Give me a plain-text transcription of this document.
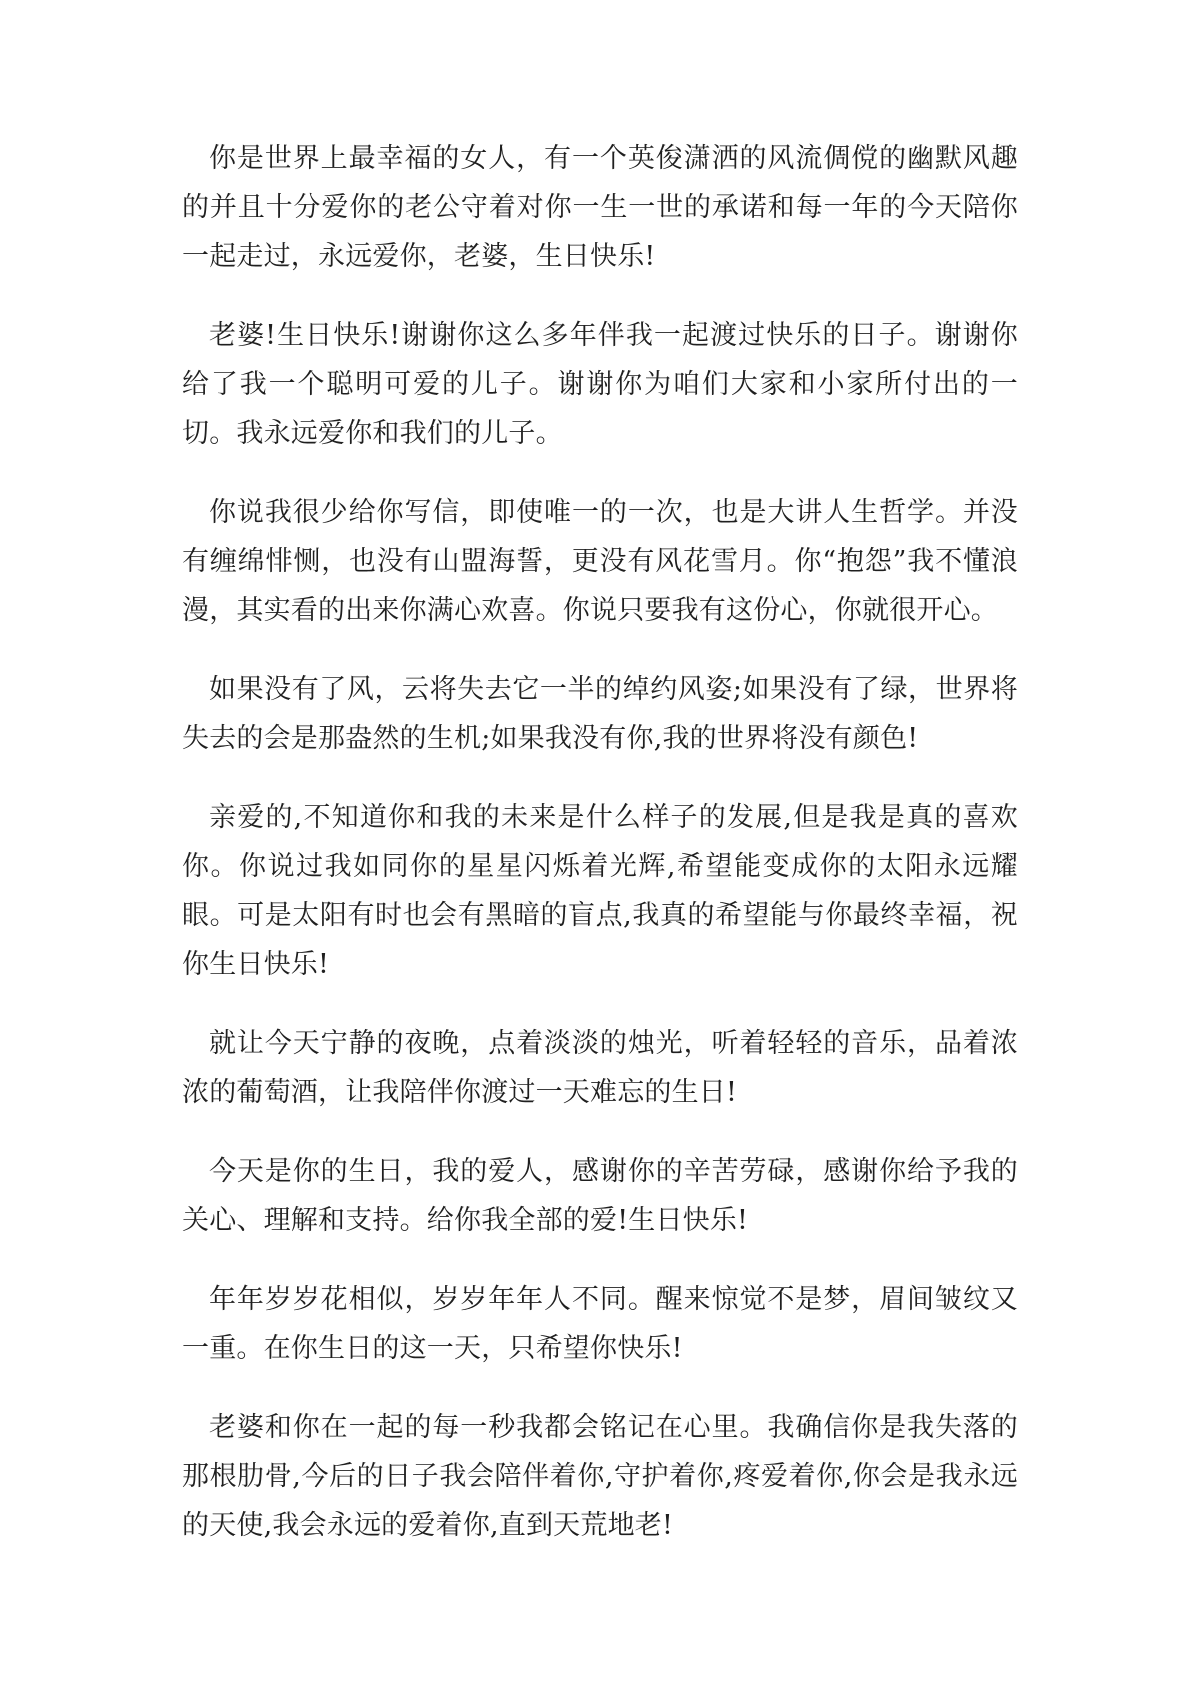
你是世界上最幸福的女人，有一个英俊潇洒的风流倜傥的幽默风趣的并且十分爱你的老公守着对你一生一世的承诺和每一年的今天陪你一起走过，永远爱你，老婆，生日快乐!

老婆!生日快乐!谢谢你这么多年伴我一起渡过快乐的日子。谢谢你给了我一个聪明可爱的儿子。谢谢你为咱们大家和小家所付出的一切。我永远爱你和我们的儿子。

你说我很少给你写信，即使唯一的一次，也是大讲人生哲学。并没有缠绵悱恻，也没有山盟海誓，更没有风花雪月。你“抱怨”我不懂浪漫，其实看的出来你满心欢喜。你说只要我有这份心，你就很开心。

如果没有了风，云将失去它一半的绰约风姿;如果没有了绿，世界将失去的会是那盎然的生机;如果我没有你,我的世界将没有颜色!

亲爱的,不知道你和我的未来是什么样子的发展,但是我是真的喜欢你。你说过我如同你的星星闪烁着光辉,希望能变成你的太阳永远耀眼。可是太阳有时也会有黑暗的盲点,我真的希望能与你最终幸福，祝你生日快乐!

就让今天宁静的夜晚，点着淡淡的烛光，听着轻轻的音乐，品着浓浓的葡萄酒，让我陪伴你渡过一天难忘的生日!

今天是你的生日，我的爱人，感谢你的辛苦劳碌，感谢你给予我的关心、理解和支持。给你我全部的爱!生日快乐!

年年岁岁花相似，岁岁年年人不同。醒来惊觉不是梦，眉间皱纹又一重。在你生日的这一天，只希望你快乐!

老婆和你在一起的每一秒我都会铭记在心里。我确信你是我失落的那根肋骨,今后的日子我会陪伴着你,守护着你,疼爱着你,你会是我永远的天使,我会永远的爱着你,直到天荒地老!
